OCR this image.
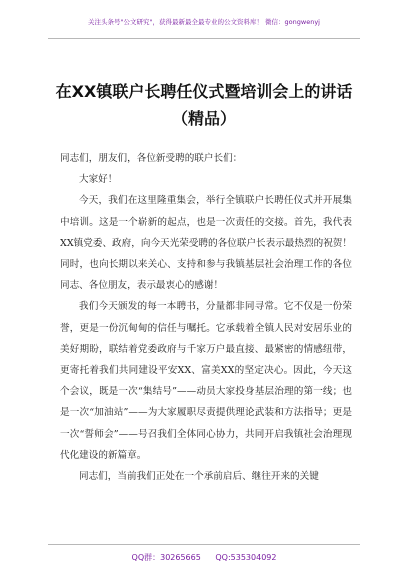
关注头条号"公文研究"，获得最新最全最专业的公文资料库！ 微信：gongwenyj
在XX镇联户长聘任仪式暨培训会上的讲话（精品）

同志们，朋友们，各位新受聘的联户长们：

大家好！

今天，我们在这里隆重集会，举行全镇联户长聘任仪式并开展集中培训。这是一个崭新的起点，也是一次责任的交接。首先，我代表XX镇党委、政府，向今天光荣受聘的各位联户长表示最热烈的祝贺！同时，也向长期以来关心、支持和参与我镇基层社会治理工作的各位同志、各位朋友，表示最衷心的感谢！

我们今天颁发的每一本聘书，分量都非同寻常。它不仅是一份荣誉，更是一份沉甸甸的信任与嘱托。它承载着全镇人民对安居乐业的美好期盼，联结着党委政府与千家万户最直接、最紧密的情感纽带，更寄托着我们共同建设平安XX、富美XX的坚定决心。因此，今天这个会议，既是一次“集结号”——动员大家投身基层治理的第一线；也是一次“加油站”——为大家履职尽责提供理论武装和方法指导；更是一次“誓师会”——号召我们全体同心协力，共同开启我镇社会治理现代化建设的新篇章。

同志们，当前我们正处在一个承前启后、继往开来的关键

QQ群：30265665 QQ:535304092
